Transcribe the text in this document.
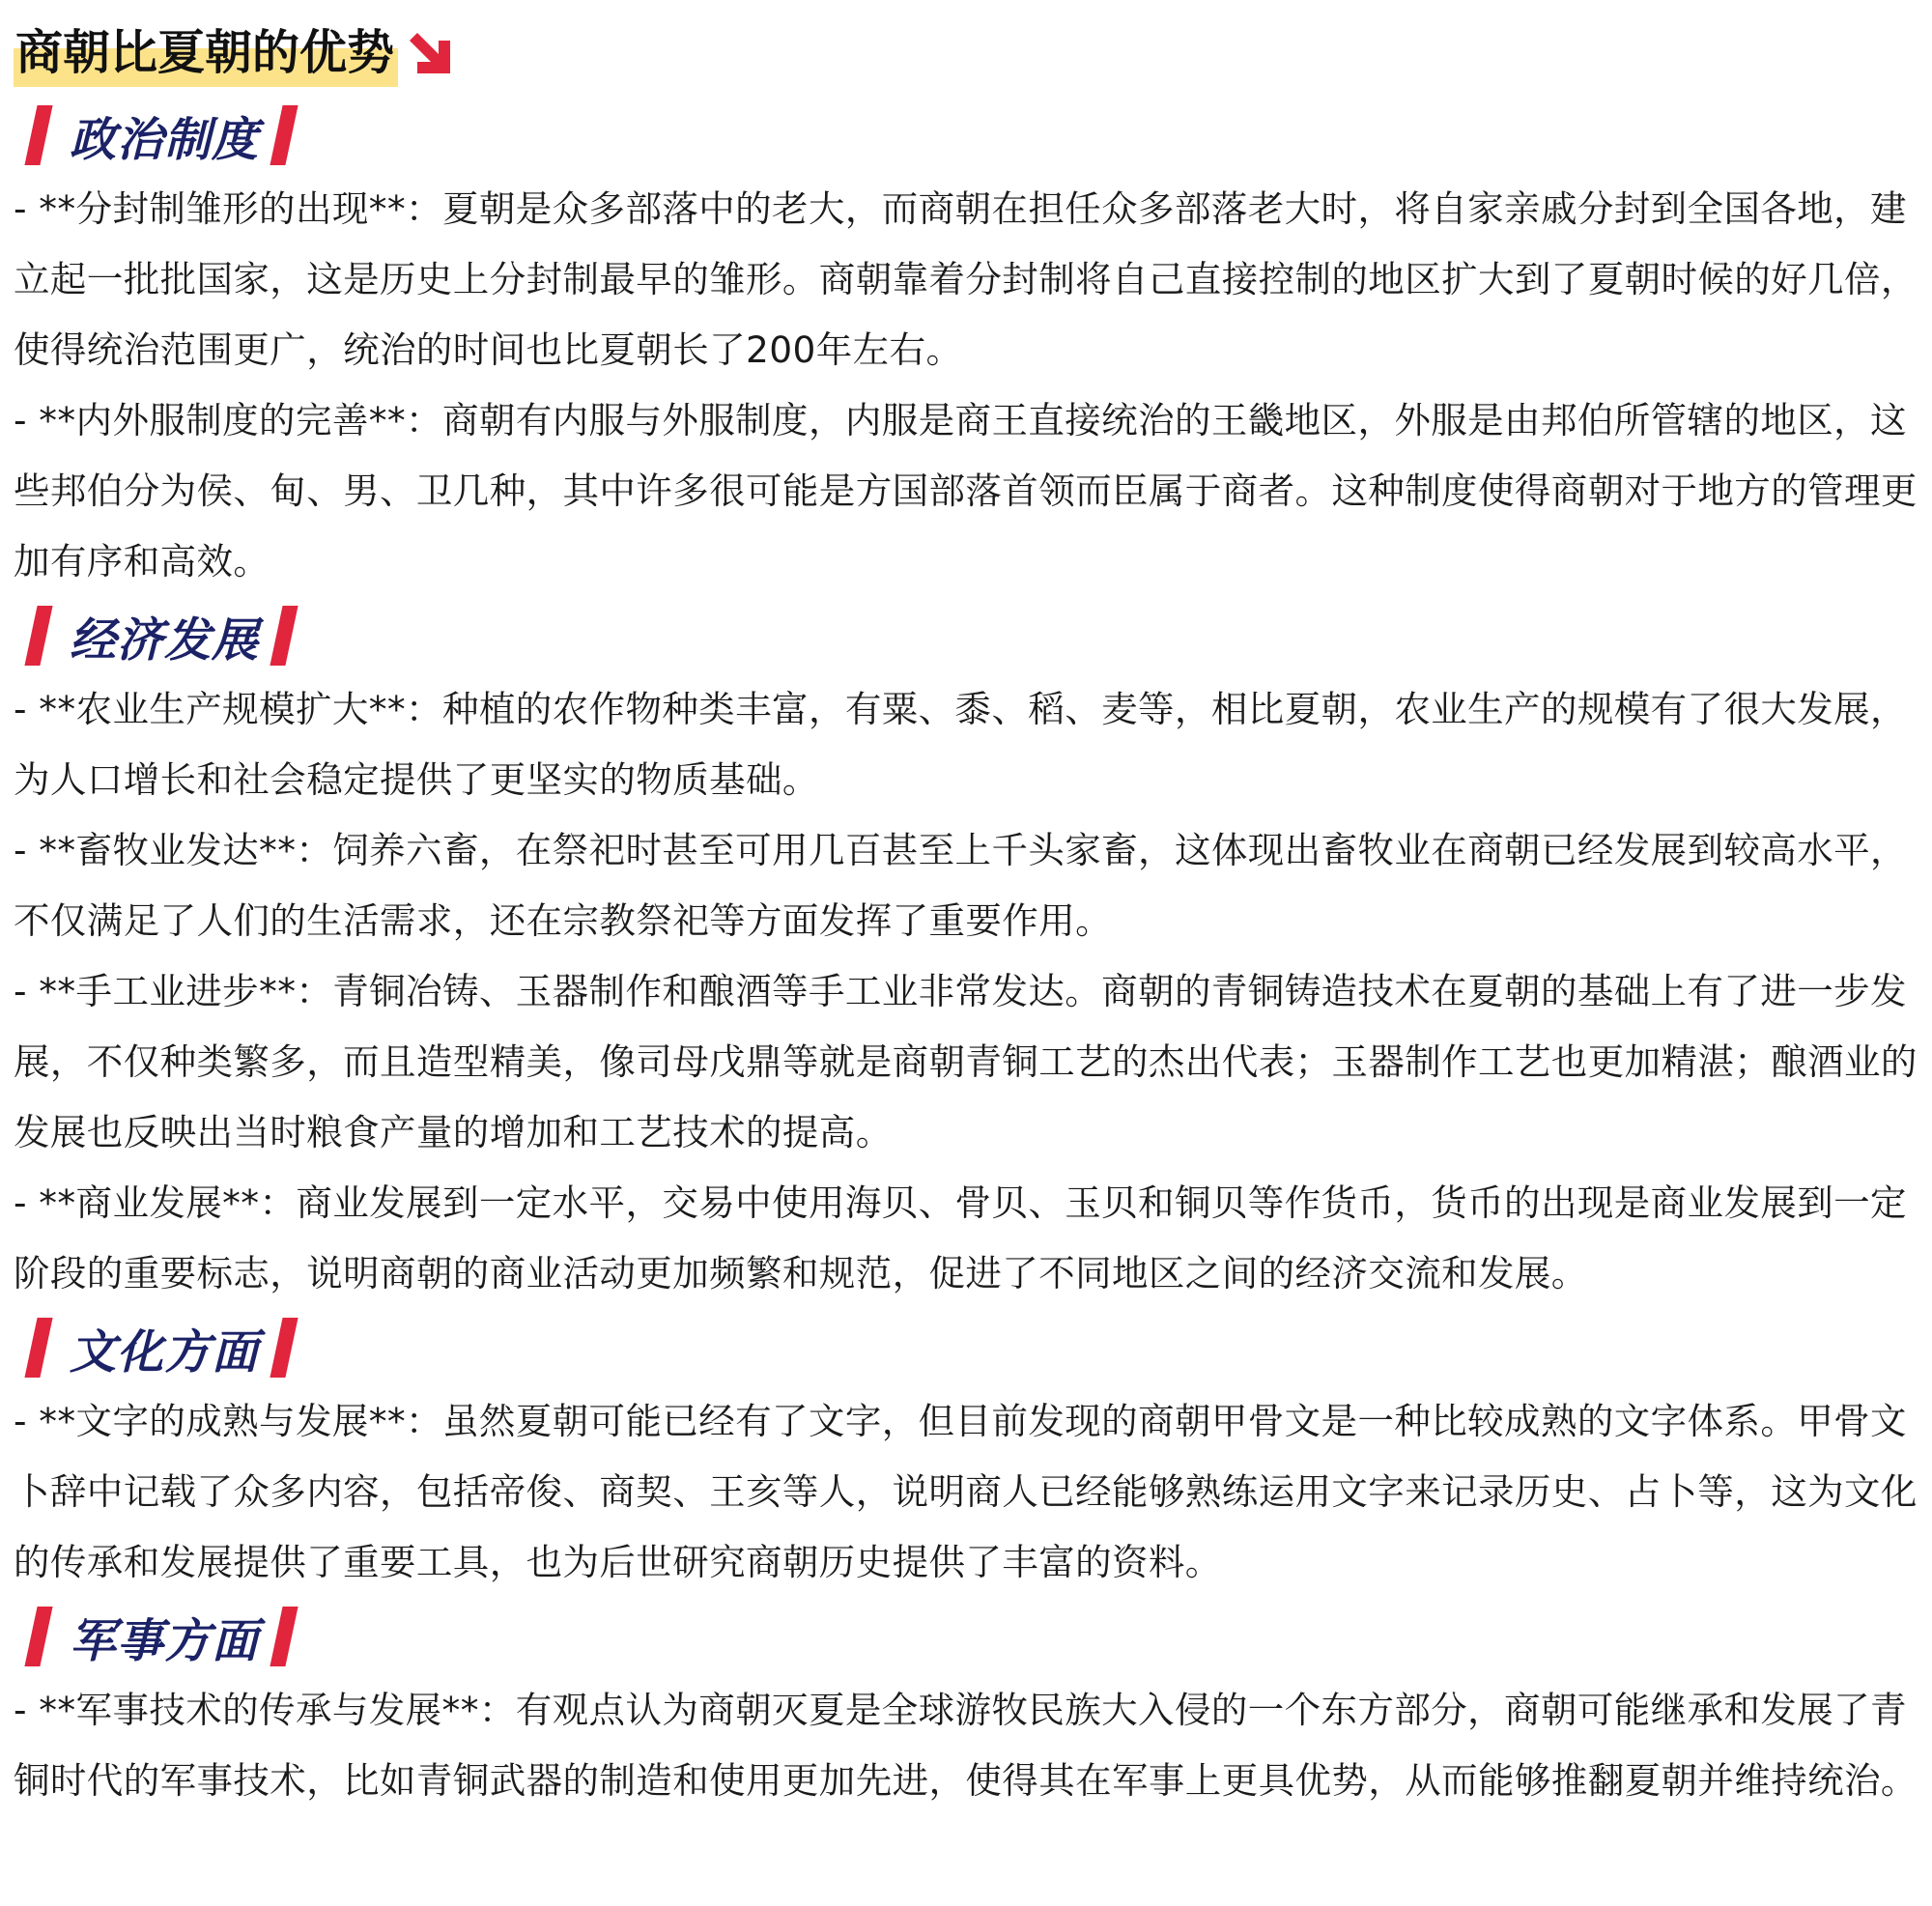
商朝比夏朝的优势
政治制度

- **分封制雏形的出现**：夏朝是众多部落中的老大，而商朝在担任众多部落老大时，将自家亲戚分封到全国各地，建立起一批批国家，这是历史上分封制最早的雏形。商朝靠着分封制将自己直接控制的地区扩大到了夏朝时候的好几倍，使得统治范围更广，统治的时间也比夏朝长了200年左右。

- **内外服制度的完善**：商朝有内服与外服制度，内服是商王直接统治的王畿地区，外服是由邦伯所管辖的地区，这些邦伯分为侯、甸、男、卫几种，其中许多很可能是方国部落首领而臣属于商者。这种制度使得商朝对于地方的管理更加有序和高效。

经济发展

- **农业生产规模扩大**：种植的农作物种类丰富，有粟、黍、稻、麦等，相比夏朝，农业生产的规模有了很大发展，为人口增长和社会稳定提供了更坚实的物质基础。

- **畜牧业发达**：饲养六畜，在祭祀时甚至可用几百甚至上千头家畜，这体现出畜牧业在商朝已经发展到较高水平，不仅满足了人们的生活需求，还在宗教祭祀等方面发挥了重要作用。

- **手工业进步**：青铜冶铸、玉器制作和酿酒等手工业非常发达。商朝的青铜铸造技术在夏朝的基础上有了进一步发展，不仅种类繁多，而且造型精美，像司母戊鼎等就是商朝青铜工艺的杰出代表；玉器制作工艺也更加精湛；酿酒业的发展也反映出当时粮食产量的增加和工艺技术的提高。

- **商业发展**：商业发展到一定水平，交易中使用海贝、骨贝、玉贝和铜贝等作货币，货币的出现是商业发展到一定阶段的重要标志，说明商朝的商业活动更加频繁和规范，促进了不同地区之间的经济交流和发展。

文化方面

- **文字的成熟与发展**：虽然夏朝可能已经有了文字，但目前发现的商朝甲骨文是一种比较成熟的文字体系。甲骨文卜辞中记载了众多内容，包括帝俊、商契、王亥等人，说明商人已经能够熟练运用文字来记录历史、占卜等，这为文化的传承和发展提供了重要工具，也为后世研究商朝历史提供了丰富的资料。

军事方面

- **军事技术的传承与发展**：有观点认为商朝灭夏是全球游牧民族大入侵的一个东方部分，商朝可能继承和发展了青铜时代的军事技术，比如青铜武器的制造和使用更加先进，使得其在军事上更具优势，从而能够推翻夏朝并维持统治。
